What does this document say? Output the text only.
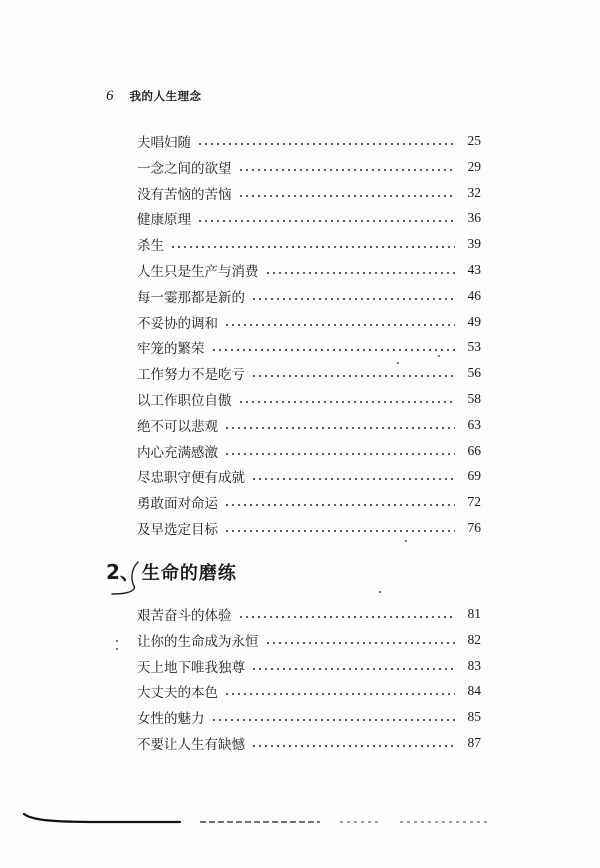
6 我的人生理念
夫唱妇随	25
一念之间的欲望	29
没有苦恼的苦恼	32
健康原理	36
杀生	39
人生只是生产与消费	43
每一霎那都是新的	46
不妥协的调和	49
牢笼的繁荣	53
工作努力不是吃亏	56
以工作职位自傲	58
绝不可以悲观	63
内心充满感激	66
尽忠职守便有成就	69
勇敢面对命运	72
及早选定目标	76
2 、 生命的磨练
艰苦奋斗的体验	81
让你的生命成为永恒	82
天上地下唯我独尊	83
大丈夫的本色	84
女性的魅力	85
不要让人生有缺憾	87
